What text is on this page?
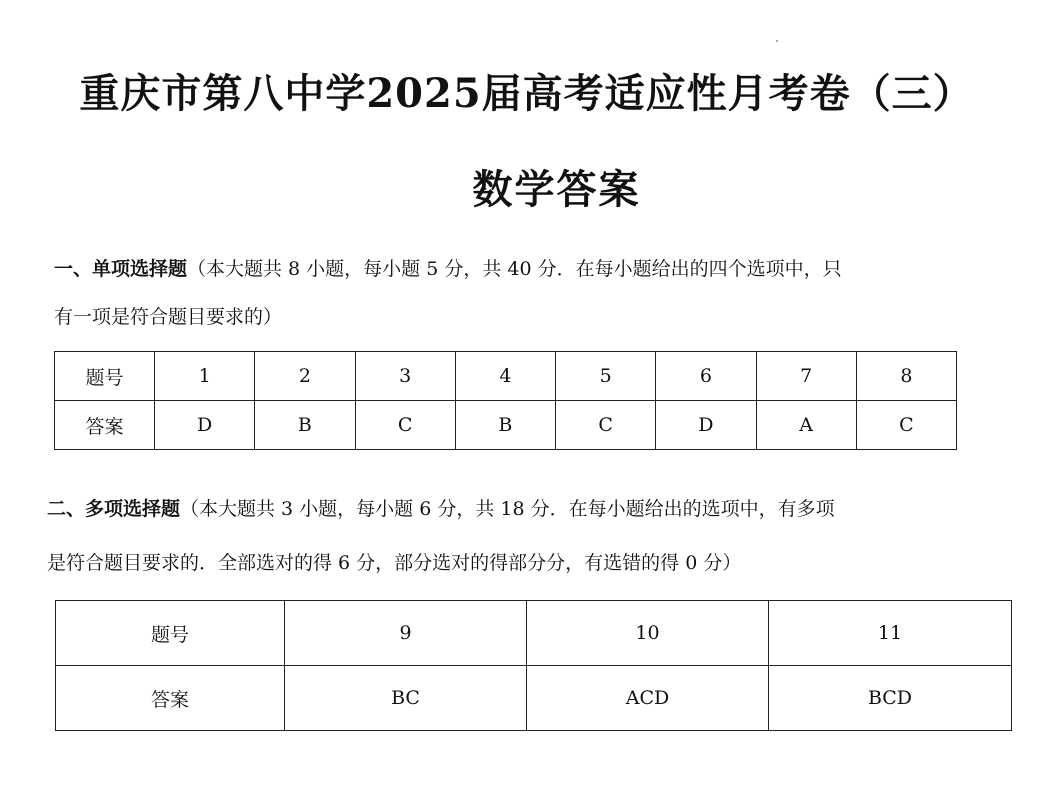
重庆市第八中学2025届高考适应性月考卷（三）
数学答案
一、单项选择题（本大题共 8 小题，每小题 5 分，共 40 分．在每小题给出的四个选项中，只
有一项是符合题目要求的）
题号	1	2	3	4	5	6	7	8
答案	D	B	C	B	C	D	A	C
二、多项选择题（本大题共 3 小题，每小题 6 分，共 18 分．在每小题给出的选项中，有多项
是符合题目要求的．全部选对的得 6 分，部分选对的得部分分，有选错的得 0 分）
题号	9	10	11
答案	BC	ACD	BCD
